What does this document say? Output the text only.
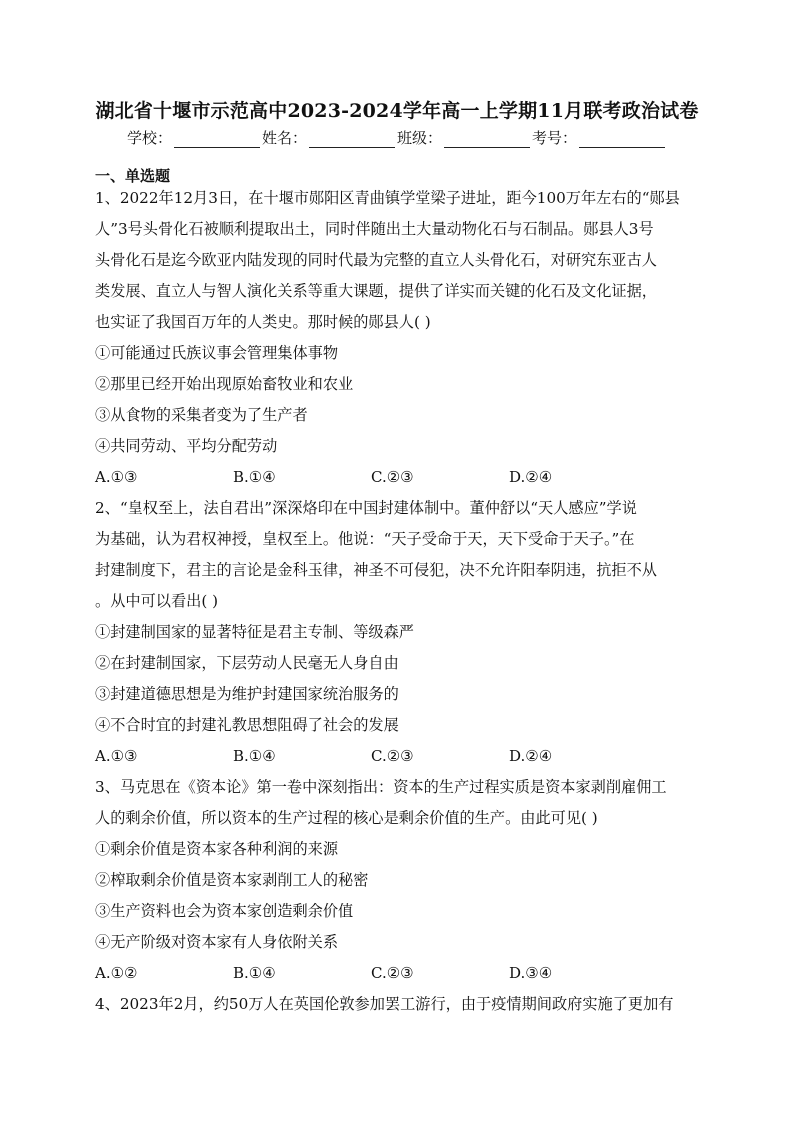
湖北省十堰市示范高中2023-2024学年高一上学期11月联考政治试卷
学校：	姓名：	班级：	考号：
一、单选题
1、2022年12月3日，在十堰市郧阳区青曲镇学堂梁子进址，距今100万年左右的“郧县
人”3号头骨化石被顺利提取出土，同时伴随出土大量动物化石与石制品。郧县人3号
头骨化石是迄今欧亚内陆发现的同时代最为完整的直立人头骨化石，对研究东亚古人
类发展、直立人与智人演化关系等重大课题，提供了详实而关键的化石及文化证据，
也实证了我国百万年的人类史。那时候的郧县人( )
①可能通过氏族议事会管理集体事物
②那里已经开始出现原始畜牧业和农业
③从食物的采集者变为了生产者
④共同劳动、平均分配劳动
A.①③	B.①④	C.②③	D.②④
2、“皇权至上，法自君出”深深烙印在中国封建体制中。董仲舒以“天人感应”学说
为基础，认为君权神授，皇权至上。他说：“天子受命于天，天下受命于天子。”在
封建制度下，君主的言论是金科玉律，神圣不可侵犯，决不允许阳奉阴违，抗拒不从
。从中可以看出( )
①封建制国家的显著特征是君主专制、等级森严
②在封建制国家，下层劳动人民毫无人身自由
③封建道德思想是为维护封建国家统治服务的
④不合时宜的封建礼教思想阻碍了社会的发展
A.①③	B.①④	C.②③	D.②④
3、马克思在《资本论》第一卷中深刻指出：资本的生产过程实质是资本家剥削雇佣工
人的剩余价值，所以资本的生产过程的核心是剩余价值的生产。由此可见( )
①剩余价值是资本家各种利润的来源
②榨取剩余价值是资本家剥削工人的秘密
③生产资料也会为资本家创造剩余价值
④无产阶级对资本家有人身依附关系
A.①②	B.①④	C.②③	D.③④
4、2023年2月，约50万人在英国伦敦参加罢工游行，由于疫情期间政府实施了更加有
